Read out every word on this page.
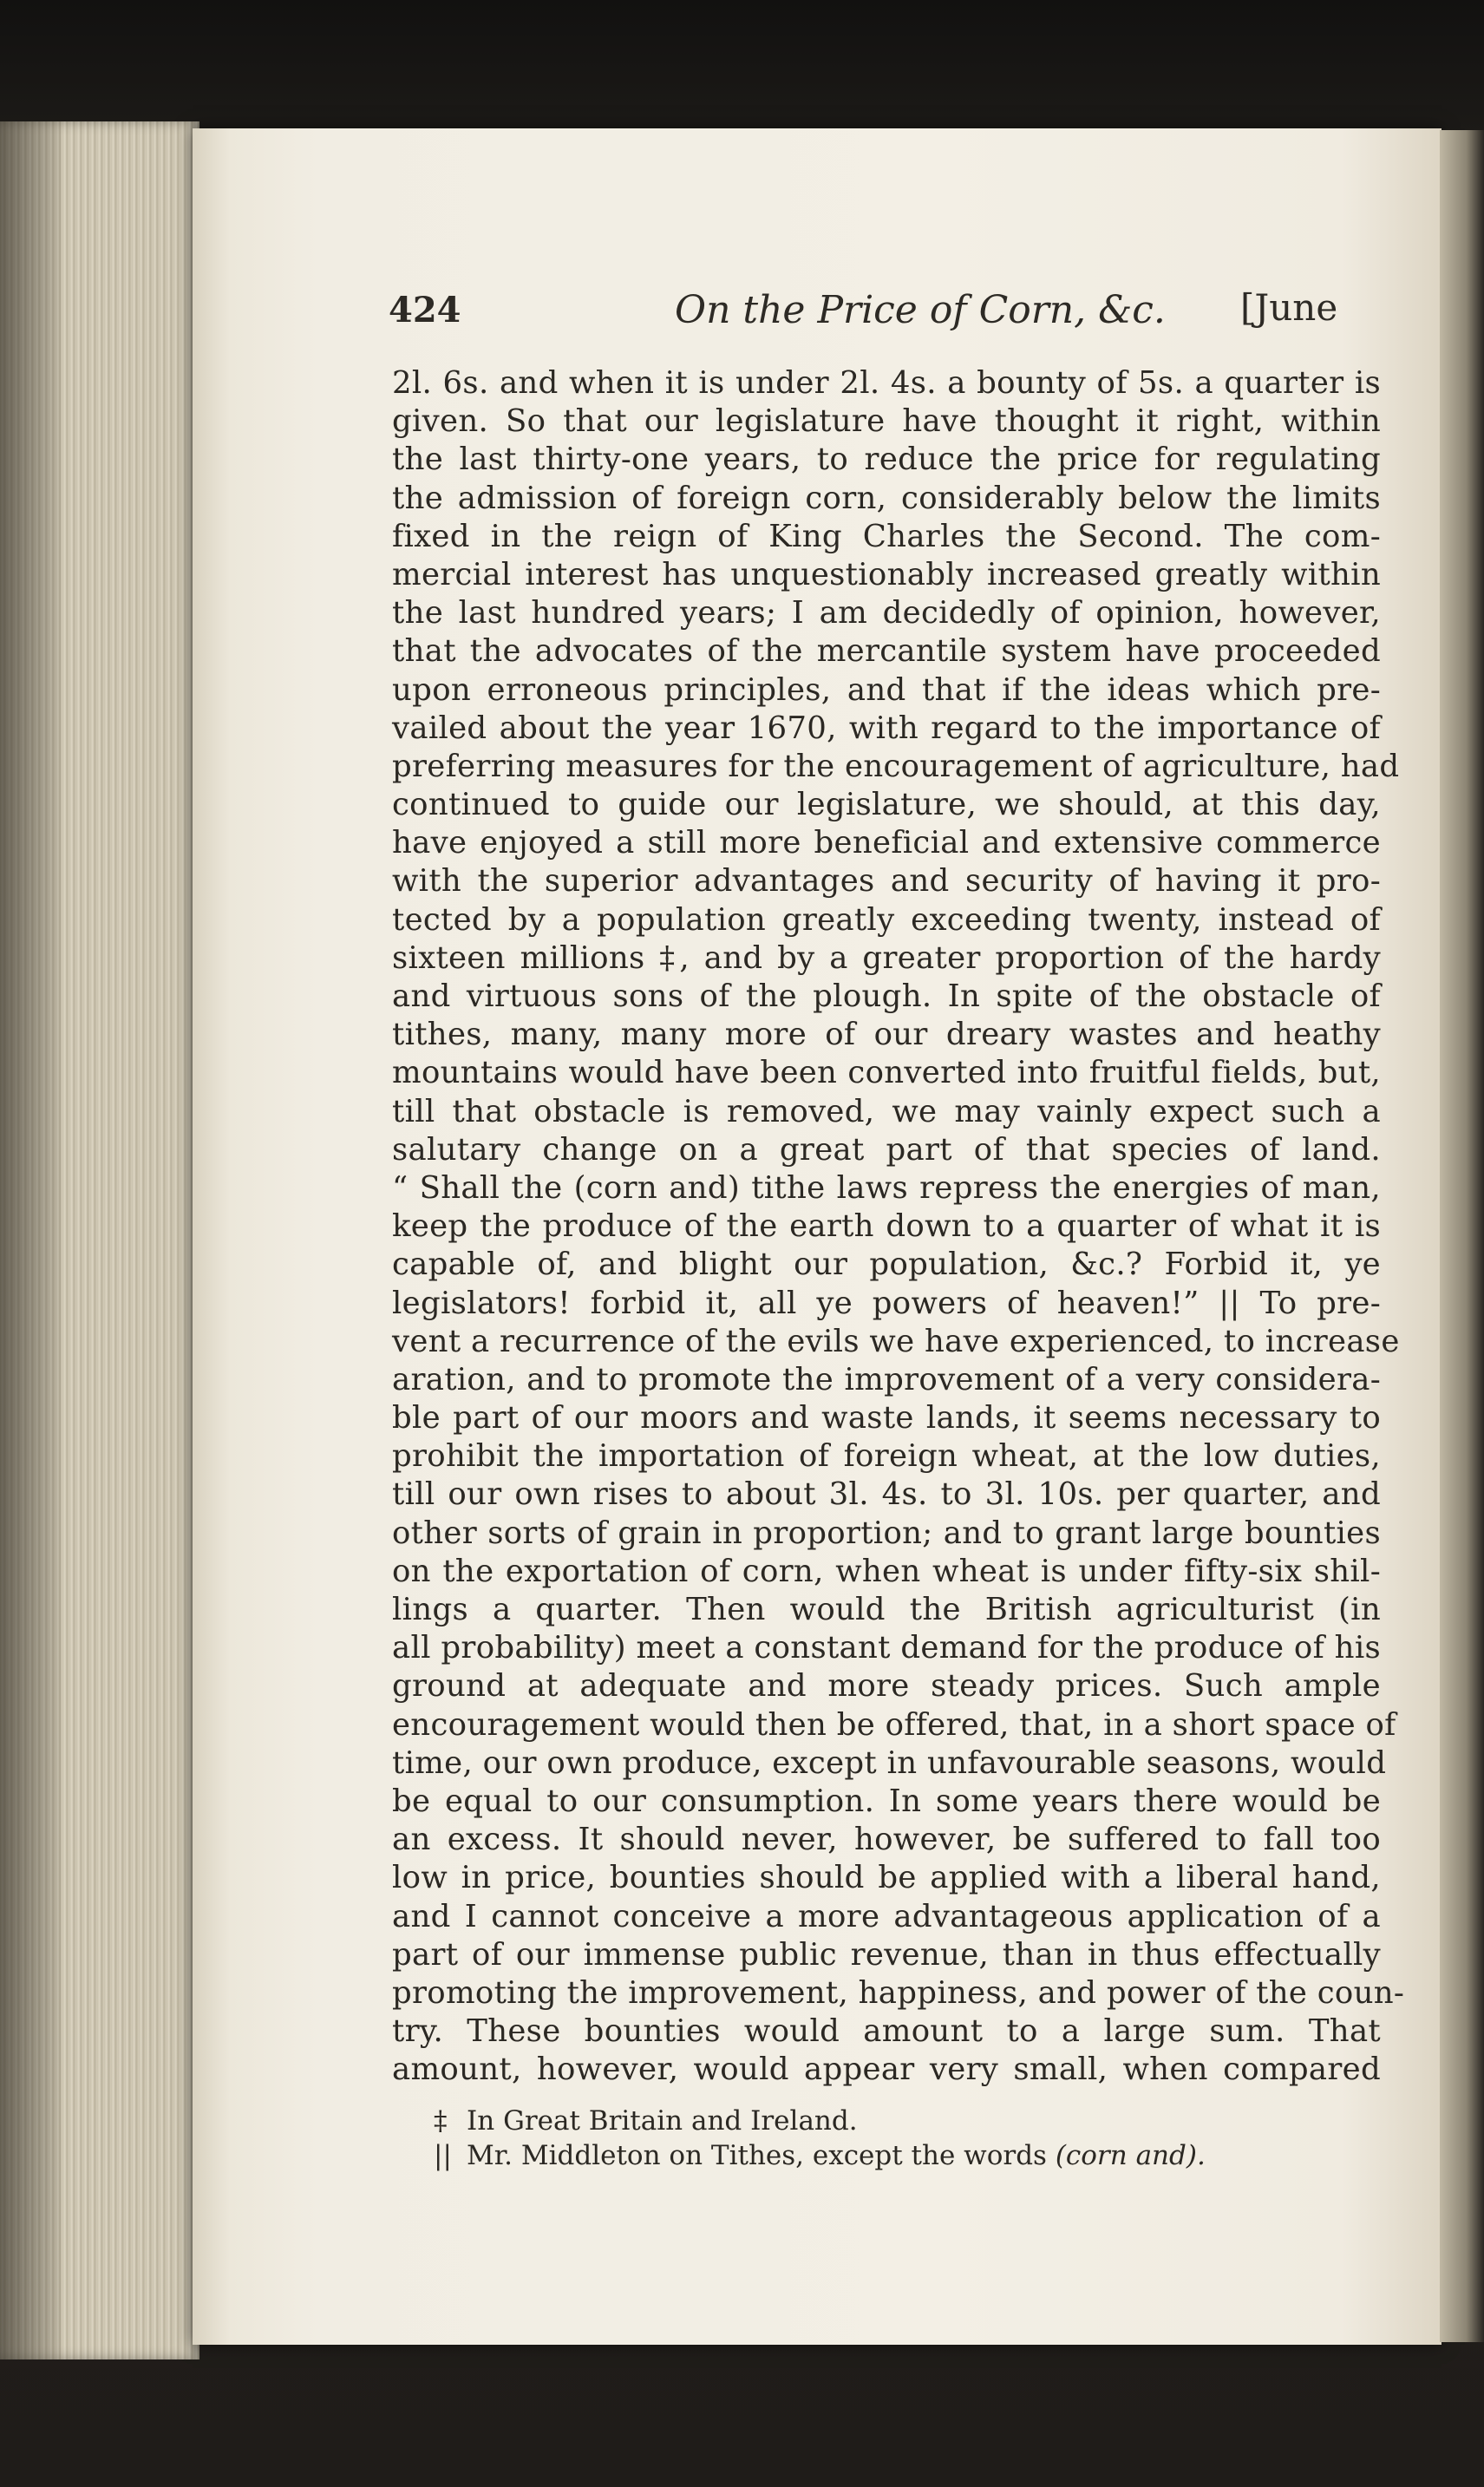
424	On the Price of Corn, &c. [June
2l. 6s. and when it is under 2l. 4s. a bounty of 5s. a quarter is
given. So that our legislature have thought it right, within
the last thirty-one years, to reduce the price for regulating
the admission of foreign corn, considerably below the limits
fixed in the reign of King Charles the Second. The com-
mercial interest has unquestionably increased greatly within
the last hundred years; I am decidedly of opinion, however,
that the advocates of the mercantile system have proceeded
upon erroneous principles, and that if the ideas which pre-
vailed about the year 1670, with regard to the importance of
preferring measures for the encouragement of agriculture, had
continued to guide our legislature, we should, at this day,
have enjoyed a still more beneficial and extensive commerce
with the superior advantages and security of having it pro-
tected by a population greatly exceeding twenty, instead of
sixteen millions ‡, and by a greater proportion of the hardy
and virtuous sons of the plough. In spite of the obstacle of
tithes, many, many more of our dreary wastes and heathy
mountains would have been converted into fruitful fields, but,
till that obstacle is removed, we may vainly expect such a
salutary change on a great part of that species of land.
“ Shall the (corn and) tithe laws repress the energies of man,
keep the produce of the earth down to a quarter of what it is
capable of, and blight our population, &c.? Forbid it, ye
legislators! forbid it, all ye powers of heaven!” || To pre-
vent a recurrence of the evils we have experienced, to increase
aration, and to promote the improvement of a very considera-
ble part of our moors and waste lands, it seems necessary to
prohibit the importation of foreign wheat, at the low duties,
till our own rises to about 3l. 4s. to 3l. 10s. per quarter, and
other sorts of grain in proportion; and to grant large bounties
on the exportation of corn, when wheat is under fifty-six shil-
lings a quarter. Then would the British agriculturist (in
all probability) meet a constant demand for the produce of his
ground at adequate and more steady prices. Such ample
encouragement would then be offered, that, in a short space of
time, our own produce, except in unfavourable seasons, would
be equal to our consumption. In some years there would be
an excess. It should never, however, be suffered to fall too
low in price, bounties should be applied with a liberal hand,
and I cannot conceive a more advantageous application of a
part of our immense public revenue, than in thus effectually
promoting the improvement, happiness, and power of the coun-
try. These bounties would amount to a large sum. That
amount, however, would appear very small, when compared
‡ In Great Britain and Ireland.
|| Mr. Middleton on Tithes, except the words (corn and).
